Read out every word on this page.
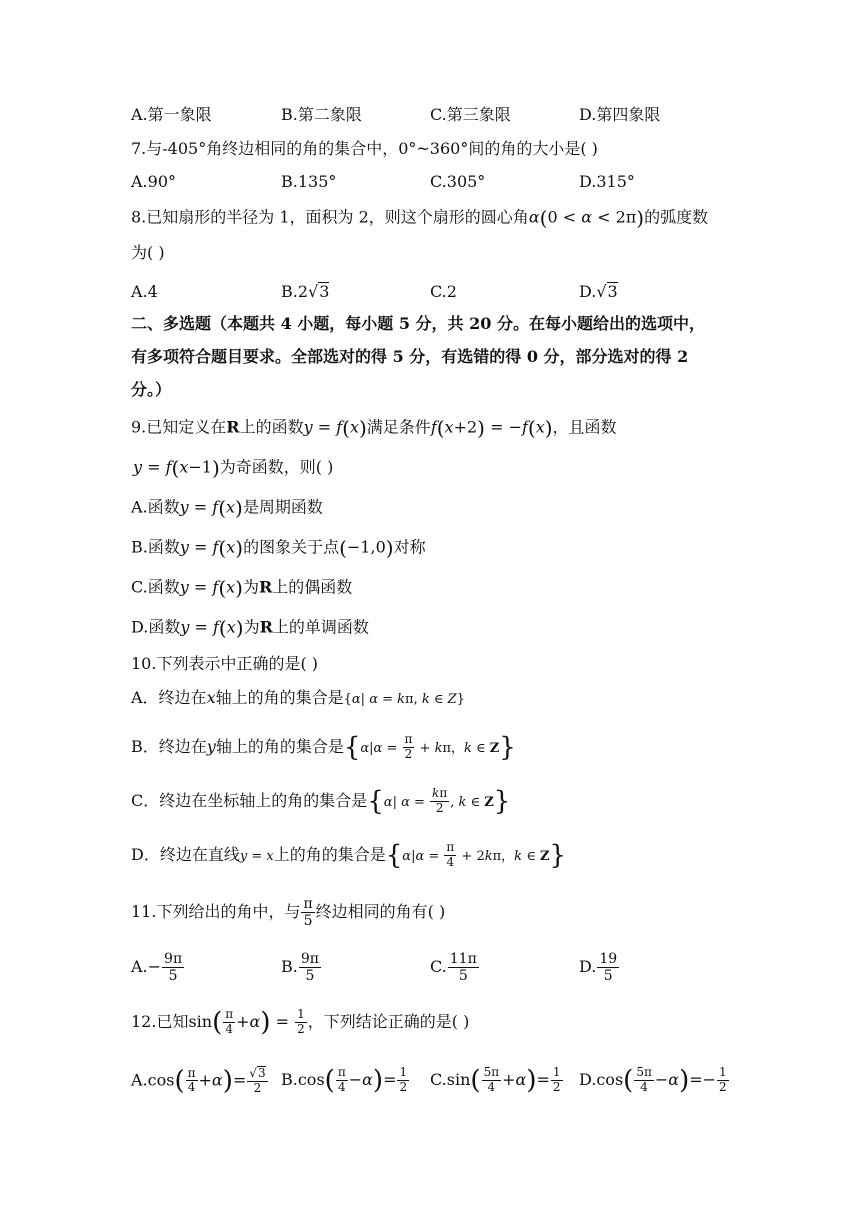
A.第一象限	B.第二象限	C.第三象限	D.第四象限
7.与-405°角终边相同的角的集合中，0°~360°间的角的大小是( )
A.90°	B.135°	C.305°	D.315°
8.已知扇形的半径为 1，面积为 2，则这个扇形的圆心角α(0 < α < 2π)的弧度数
为( )
A.4	B.2√3	C.2	D.√3
二、多选题（本题共 4 小题，每小题 5 分，共 20 分。在每小题给出的选项中，
有多项符合题目要求。全部选对的得 5 分，有选错的得 0 分，部分选对的得 2
分。）
9.已知定义在R上的函数y = f(x)满足条件f(x+2) = −f(x)，且函数
y = f(x−1)为奇函数，则( )
A.函数y = f(x)是周期函数
B.函数y = f(x)的图象关于点(−1,0)对称
C.函数y = f(x)为R上的偶函数
D.函数y = f(x)为R上的单调函数
10.下列表示中正确的是( )
A．终边在x轴上的角的集合是{α| α = kπ, k ∈ Z}
B．终边在y轴上的角的集合是{$\alpha|\alpha = \frac{\pi}{2} + k\pi$，k ∈ Z}
C．终边在坐标轴上的角的集合是{α| $\alpha = \frac{k\pi}{2}$ , k ∈ Z}
D．终边在直线y = x上的角的集合是{$\alpha|\alpha = \frac{\pi}{4} + 2k\pi$，k ∈ Z}
11.下列给出的角中，与 $\frac{\pi}{5}$ 终边相同的角有( )
$A.- \frac{9\pi}{5}$	B. $\frac{9\pi}{5}$	C. $\frac{11\pi}{5}$	D. $\frac{19}{5}$
12.已知$\sin( \frac{\pi}{4} +\alpha) = \frac{1}{2}$ ，下列结论正确的是( )
$A.\cos( \frac{\pi}{4} +\alpha)= \frac{√3}{2} B.\cos( \frac{\pi}{4} -\alpha)= \frac{1}{2} C.\sin( \frac{5\pi}{4} +\alpha)= \frac{1}{2} D.\cos( \frac{5\pi}{4} -\alpha)=- \frac{1}{2}$
